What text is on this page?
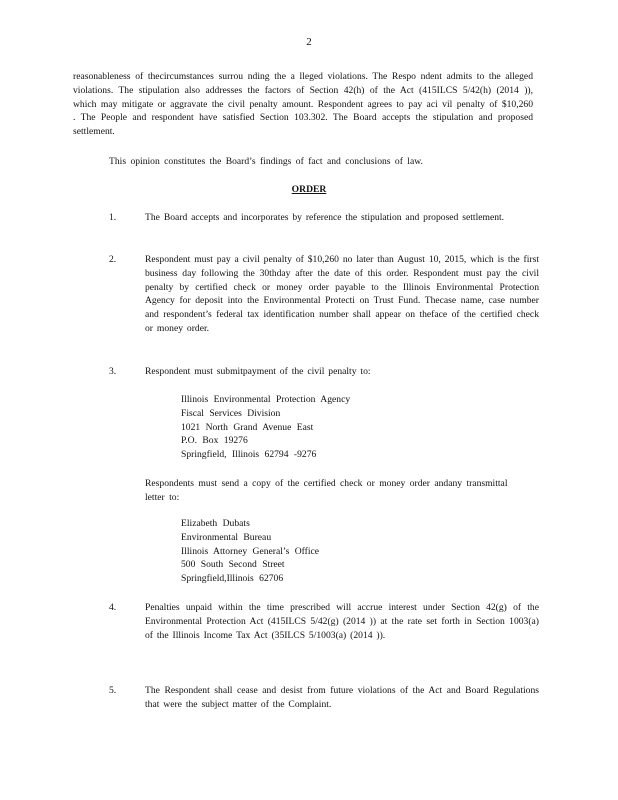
2
reasonableness of thecircumstances surrou nding the a lleged violations. The Respo ndent admits to the alleged violations. The stipulation also addresses the factors of Section 42(h) of the Act (415ILCS 5/42(h) (2014 )), which may mitigate or aggravate the civil penalty amount. Respondent agrees to pay aci vil penalty of $10,260 . The People and respondent have satisfied Section 103.302. The Board accepts the stipulation and proposed settlement.
This opinion constitutes the Board’s findings of fact and conclusions of law.
ORDER
1.	The Board accepts and incorporates by reference the stipulation and proposed settlement.
2.	Respondent must pay a civil penalty of $10,260 no later than August 10, 2015, which is the first business day following the 30thday after the date of this order. Respondent must pay the civil penalty by certified check or money order payable to the Illinois Environmental Protection Agency for deposit into the Environmental Protecti on Trust Fund. Thecase name, case number and respondent’s federal tax identification number shall appear on theface of the certified check or money order.
3.	Respondent must submitpayment of the civil penalty to:
Illinois Environmental Protection Agency
Fiscal Services Division
1021 North Grand Avenue East
P.O. Box 19276
Springfield, Illinois 62794 -9276
Respondents must send a copy of the certified check or money order andany transmittal letter to:
Elizabeth Dubats
Environmental Bureau
Illinois Attorney General’s Office
500 South Second Street
Springfield,Illinois 62706
4.	Penalties unpaid within the time prescribed will accrue interest under Section 42(g) of the Environmental Protection Act (415ILCS 5/42(g) (2014 )) at the rate set forth in Section 1003(a) of the Illinois Income Tax Act (35ILCS 5/1003(a) (2014 )).
5.	The Respondent shall cease and desist from future violations of the Act and Board Regulations that were the subject matter of the Complaint.
